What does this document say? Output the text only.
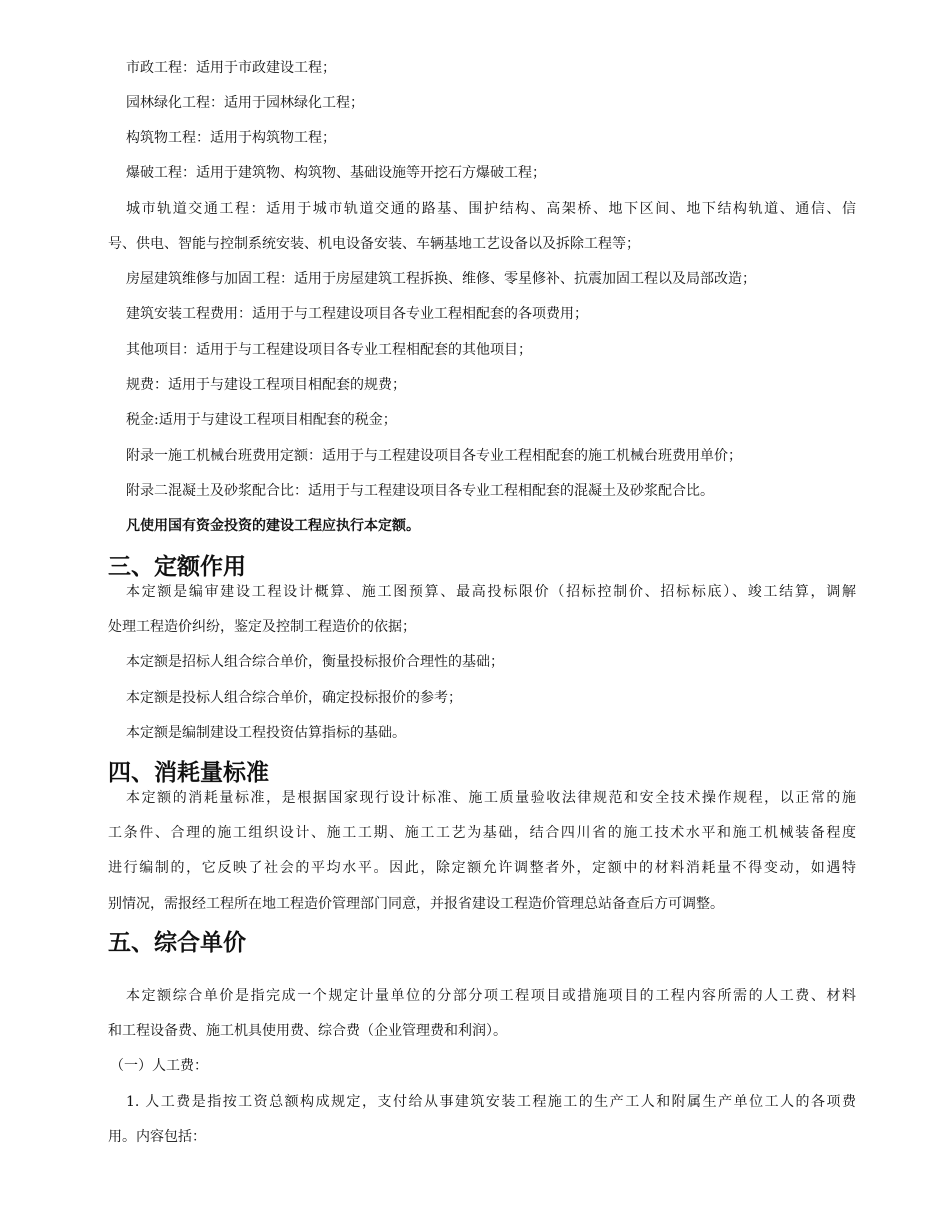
市政工程：适用于市政建设工程；
园林绿化工程：适用于园林绿化工程；
构筑物工程：适用于构筑物工程；
爆破工程：适用于建筑物、构筑物、基础设施等开挖石方爆破工程；
城市轨道交通工程：适用于城市轨道交通的路基、围护结构、高架桥、地下区间、地下结构轨道、通信、信
号、供电、智能与控制系统安装、机电设备安装、车辆基地工艺设备以及拆除工程等；
房屋建筑维修与加固工程：适用于房屋建筑工程拆换、维修、零星修补、抗震加固工程以及局部改造；
建筑安装工程费用：适用于与工程建设项目各专业工程相配套的各项费用；
其他项目：适用于与工程建设项目各专业工程相配套的其他项目；
规费：适用于与建设工程项目相配套的规费；
税金:适用于与建设工程项目相配套的税金；
附录一施工机械台班费用定额：适用于与工程建设项目各专业工程相配套的施工机械台班费用单价；
附录二混凝土及砂浆配合比：适用于与工程建设项目各专业工程相配套的混凝土及砂浆配合比。
凡使用国有资金投资的建设工程应执行本定额。
三、定额作用
本定额是编审建设工程设计概算、施工图预算、最高投标限价（招标控制价、招标标底）、竣工结算，调解
处理工程造价纠纷，鉴定及控制工程造价的依据；
本定额是招标人组合综合单价，衡量投标报价合理性的基础；
本定额是投标人组合综合单价，确定投标报价的参考；
本定额是编制建设工程投资估算指标的基础。
四、消耗量标准
本定额的消耗量标准，是根据国家现行设计标准、施工质量验收法律规范和安全技术操作规程，以正常的施
工条件、合理的施工组织设计、施工工期、施工工艺为基础，结合四川省的施工技术水平和施工机械装备程度
进行编制的，它反映了社会的平均水平。因此，除定额允许调整者外，定额中的材料消耗量不得变动，如遇特
别情况，需报经工程所在地工程造价管理部门同意，并报省建设工程造价管理总站备查后方可调整。
五、综合单价
本定额综合单价是指完成一个规定计量单位的分部分项工程项目或措施项目的工程内容所需的人工费、材料
和工程设备费、施工机具使用费、综合费（企业管理费和利润）。
（一）人工费：
1. 人工费是指按工资总额构成规定，支付给从事建筑安装工程施工的生产工人和附属生产单位工人的各项费
用。内容包括：
